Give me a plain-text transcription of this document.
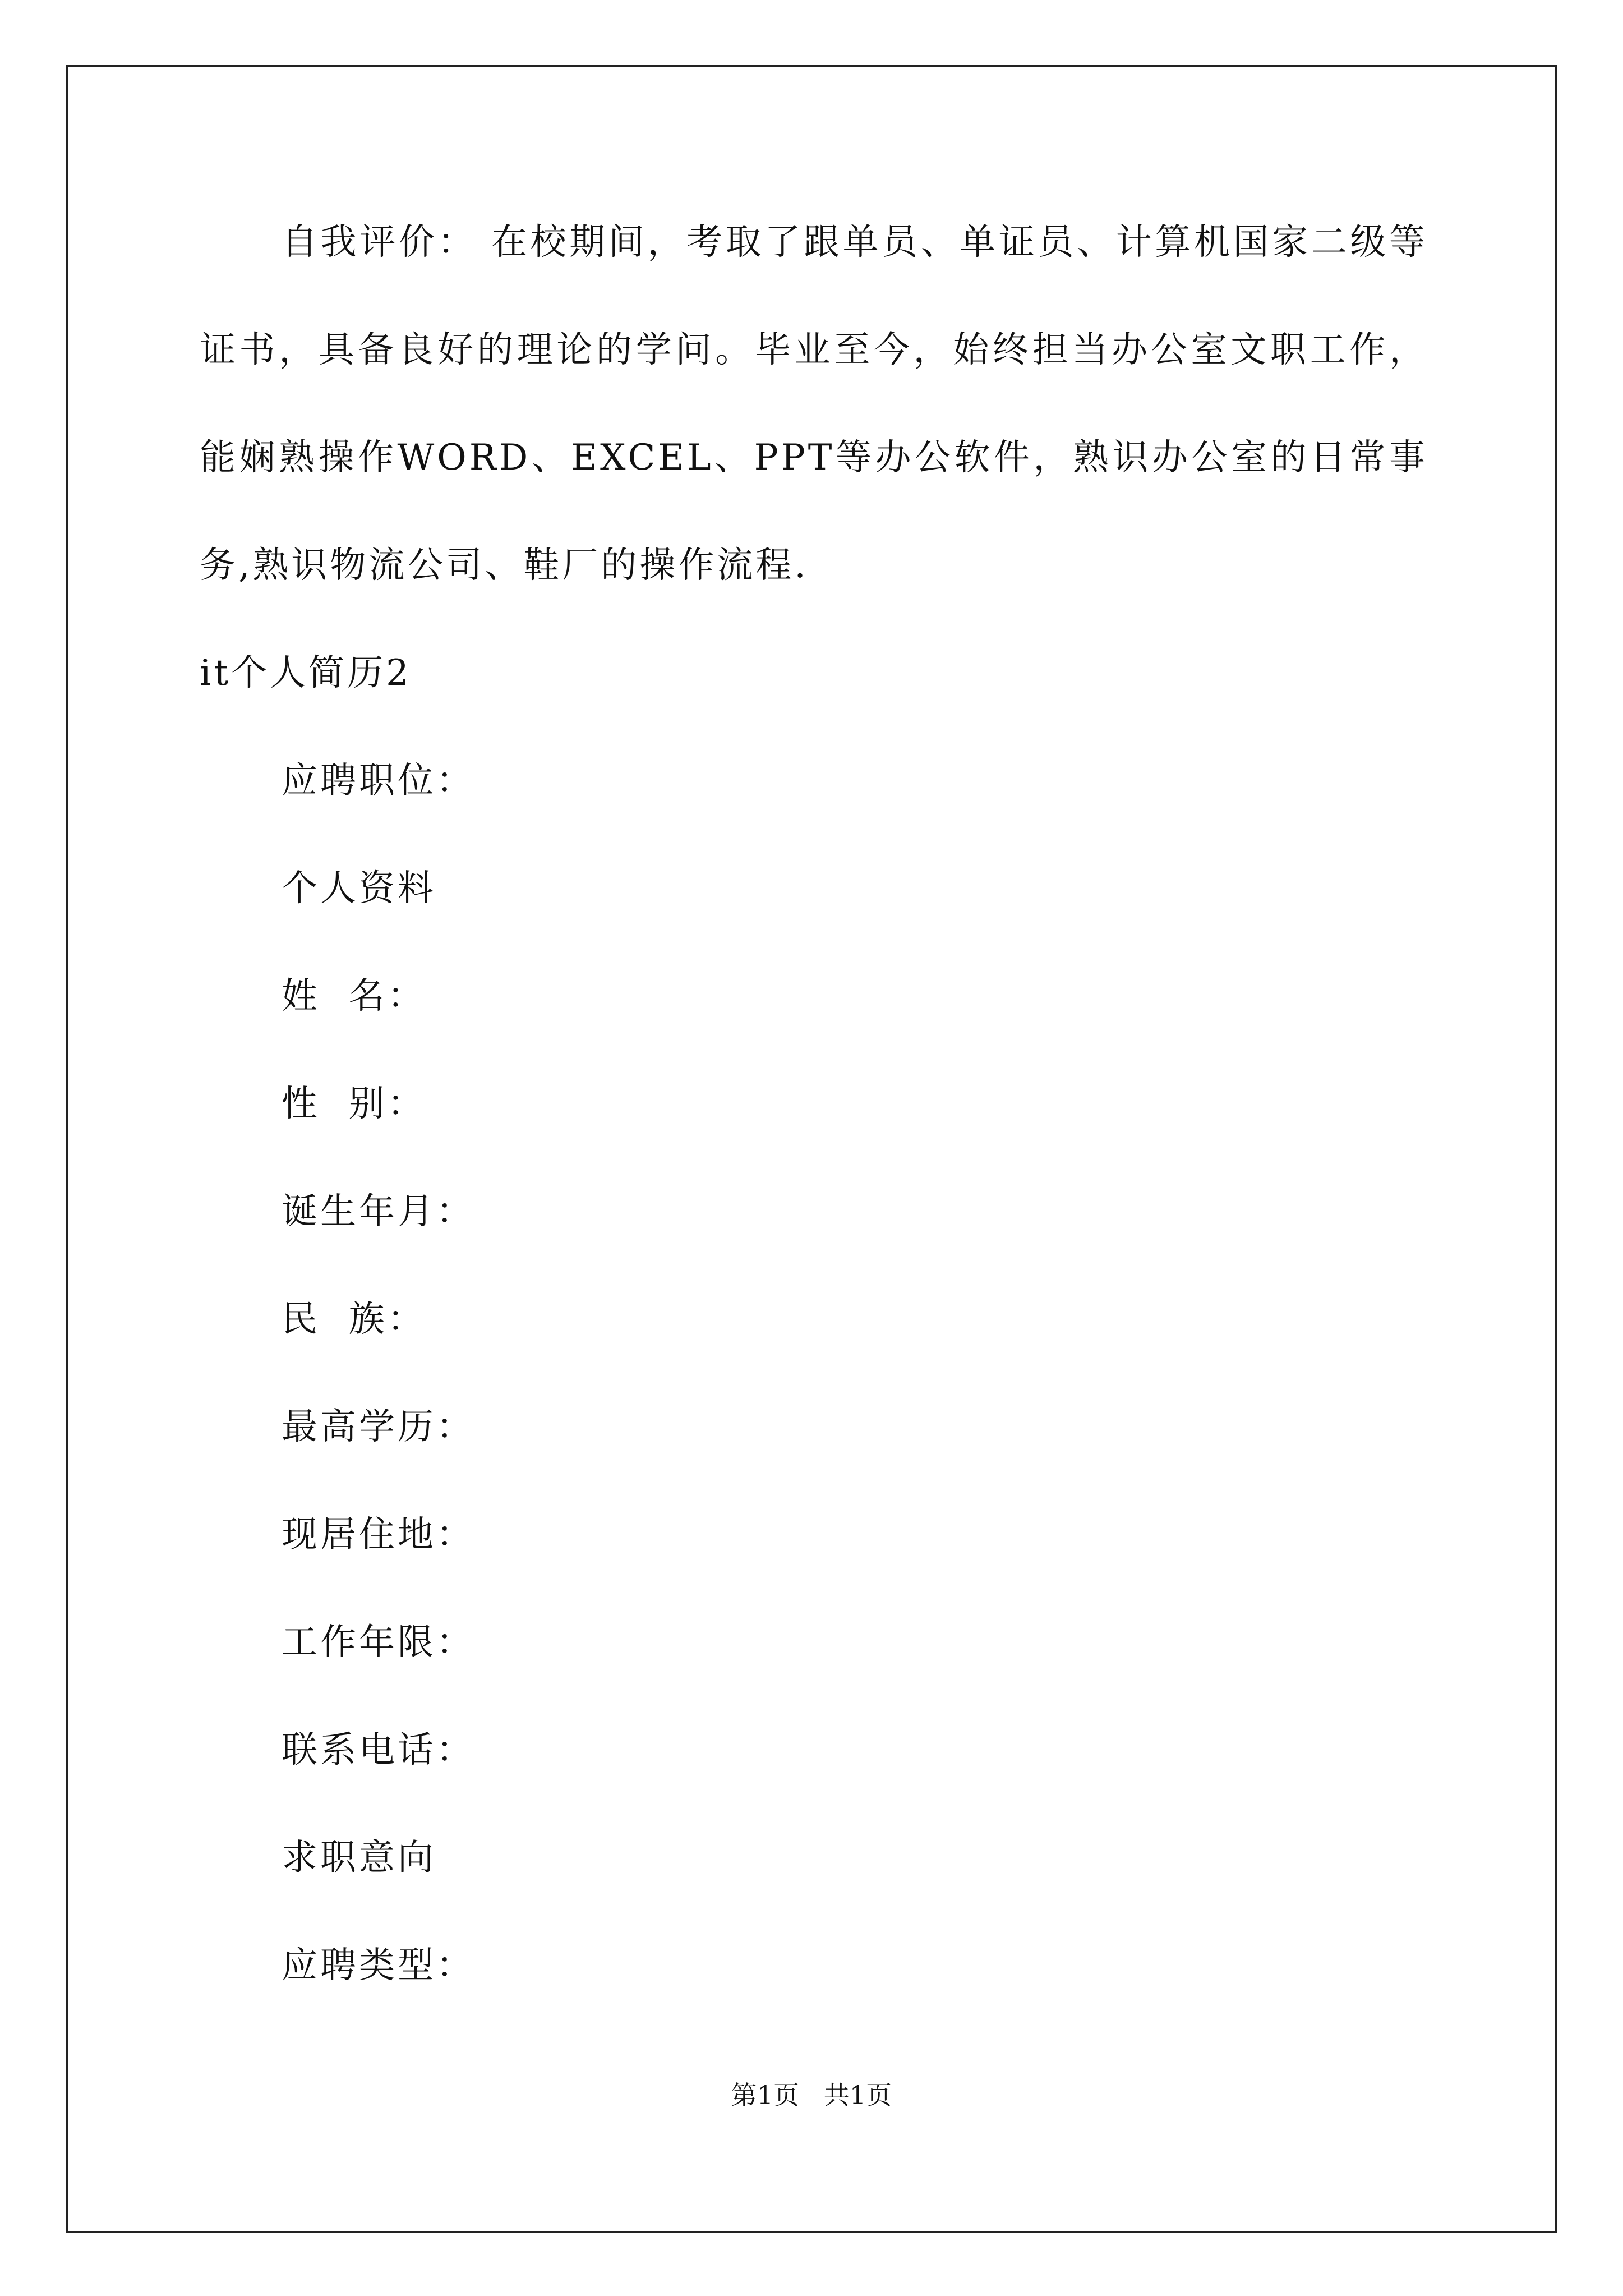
自我评价： 在校期间，考取了跟单员、单证员、计算机国家二级等证书，具备良好的理论的学问。毕业至今，始终担当办公室文职工作，能娴熟操作WORD、EXCEL、PPT等办公软件，熟识办公室的日常事务,熟识物流公司、鞋厂的操作流程.

it个人简历2

应聘职位：

个人资料

姓  名：

性  别：

诞生年月：

民  族：

最高学历：

现居住地：

工作年限：

联系电话：

求职意向

应聘类型：

第1页   共1页
